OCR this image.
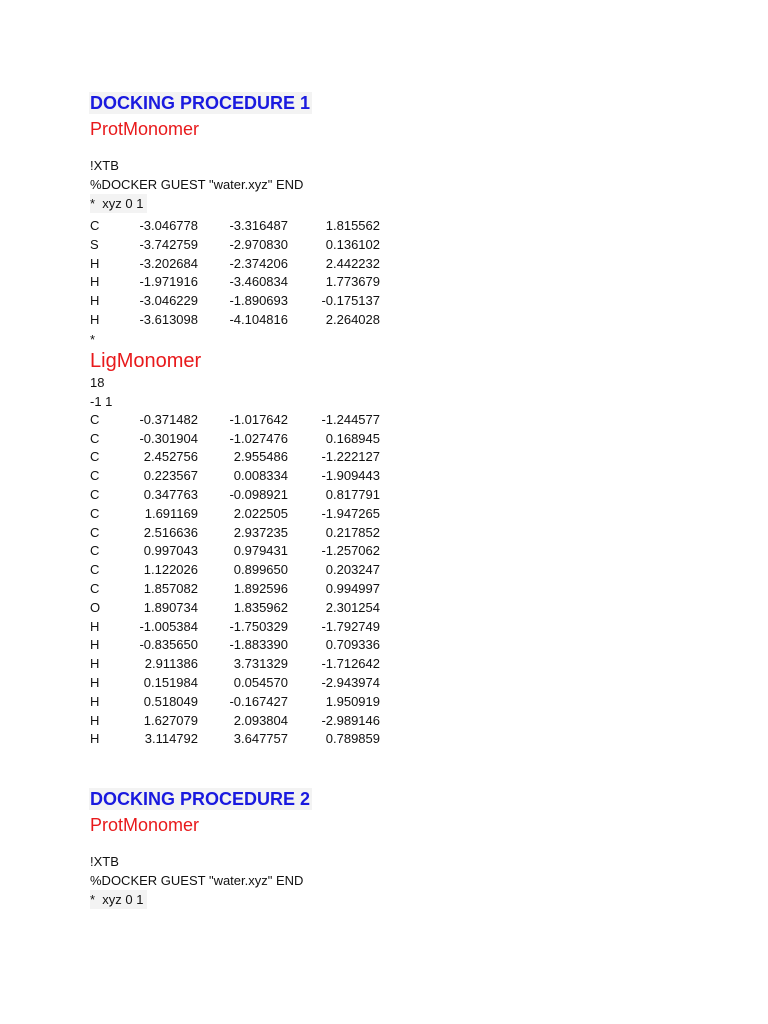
DOCKING PROCEDURE 1
ProtMonomer
!XTB
%DOCKER GUEST "water.xyz" END
*  xyz 0 1
C	-3.046778	-3.316487	1.815562
S	-3.742759	-2.970830	0.136102
H	-3.202684	-2.374206	2.442232
H	-1.971916	-3.460834	1.773679
H	-3.046229	-1.890693	-0.175137
H	-3.613098	-4.104816	2.264028
*
LigMonomer
18
-1 1
C	-0.371482	-1.017642	-1.244577
C	-0.301904	-1.027476	0.168945
C	2.452756	2.955486	-1.222127
C	0.223567	0.008334	-1.909443
C	0.347763	-0.098921	0.817791
C	1.691169	2.022505	-1.947265
C	2.516636	2.937235	0.217852
C	0.997043	0.979431	-1.257062
C	1.122026	0.899650	0.203247
C	1.857082	1.892596	0.994997
O	1.890734	1.835962	2.301254
H	-1.005384	-1.750329	-1.792749
H	-0.835650	-1.883390	0.709336
H	2.911386	3.731329	-1.712642
H	0.151984	0.054570	-2.943974
H	0.518049	-0.167427	1.950919
H	1.627079	2.093804	-2.989146
H	3.114792	3.647757	0.789859
DOCKING PROCEDURE 2
ProtMonomer
!XTB
%DOCKER GUEST "water.xyz" END
*  xyz 0 1
